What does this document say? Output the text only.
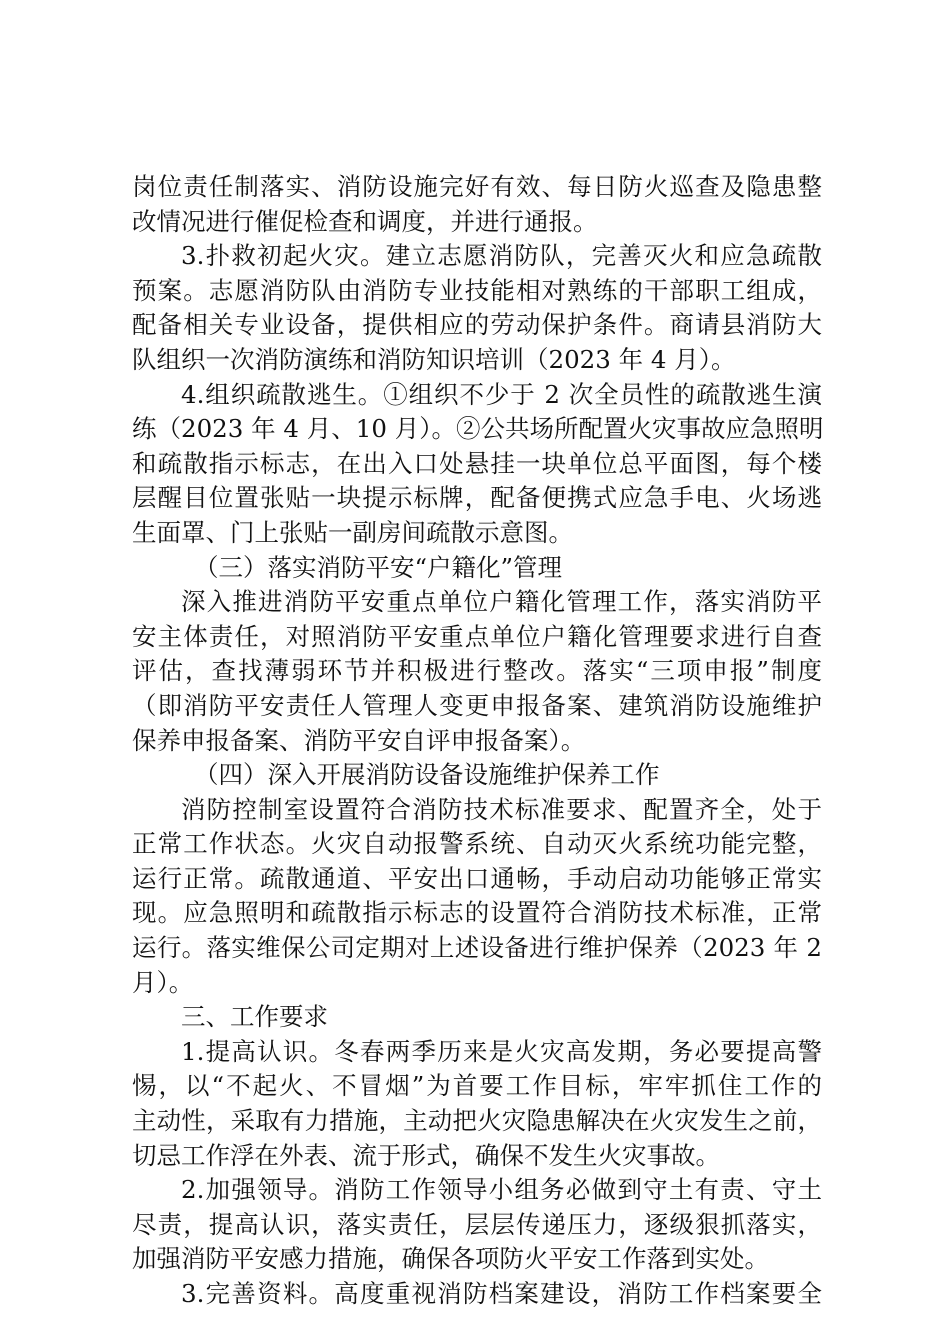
岗位责任制落实、消防设施完好有效、每日防火巡查及隐患整
改情况进行催促检查和调度，并进行通报。
3.扑救初起火灾。建立志愿消防队，完善灭火和应急疏散
预案。志愿消防队由消防专业技能相对熟练的干部职工组成，
配备相关专业设备，提供相应的劳动保护条件。商请县消防大
队组织一次消防演练和消防知识培训（2023 年 4 月）。
4.组织疏散逃生。①组织不少于 2 次全员性的疏散逃生演
练（2023 年 4 月、10 月）。②公共场所配置火灾事故应急照明
和疏散指示标志，在出入口处悬挂一块单位总平面图，每个楼
层醒目位置张贴一块提示标牌，配备便携式应急手电、火场逃
生面罩、门上张贴一副房间疏散示意图。
（三）落实消防平安“户籍化”管理
深入推进消防平安重点单位户籍化管理工作，落实消防平
安主体责任，对照消防平安重点单位户籍化管理要求进行自查
评估，查找薄弱环节并积极进行整改。落实“三项申报”制度
（即消防平安责任人管理人变更申报备案、建筑消防设施维护
保养申报备案、消防平安自评申报备案）。
（四）深入开展消防设备设施维护保养工作
消防控制室设置符合消防技术标准要求、配置齐全，处于
正常工作状态。火灾自动报警系统、自动灭火系统功能完整，
运行正常。疏散通道、平安出口通畅，手动启动功能够正常实
现。应急照明和疏散指示标志的设置符合消防技术标准，正常
运行。落实维保公司定期对上述设备进行维护保养（2023 年 2
月）。
三、工作要求
1.提高认识。冬春两季历来是火灾高发期，务必要提高警
惕，以“不起火、不冒烟”为首要工作目标，牢牢抓住工作的
主动性，采取有力措施，主动把火灾隐患解决在火灾发生之前，
切忌工作浮在外表、流于形式，确保不发生火灾事故。
2.加强领导。消防工作领导小组务必做到守土有责、守土
尽责，提高认识，落实责任，层层传递压力，逐级狠抓落实，
加强消防平安感力措施，确保各项防火平安工作落到实处。
3.完善资料。高度重视消防档案建设，消防工作档案要全
